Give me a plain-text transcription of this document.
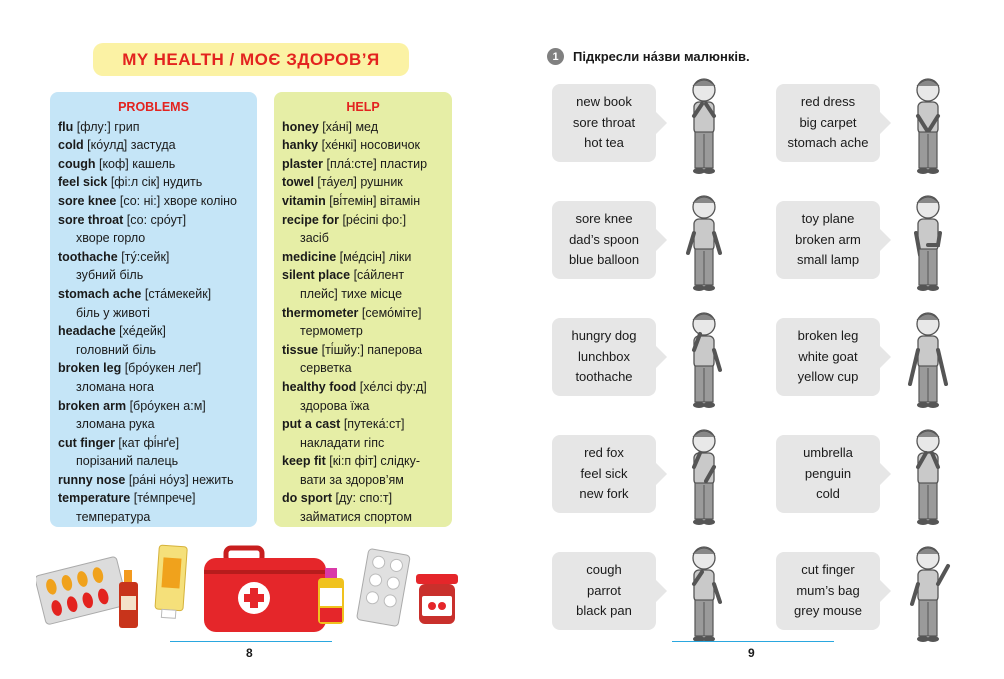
MY HEALTH / МОЄ ЗДОРОВ’Я
PROBLEMS
flu [флу:] грип
cold [ко́улд] застуда
cough [коф] кашель
feel sick [фі:л сік] нудить
sore knee [со: ні:] хворе коліно
sore throat [со: сро́ут]
хворе горло
toothache [ту́:сейк]
зубний біль
stomach ache [ста́мекейк]
біль у животі
headache [хе́дейк]
головний біль
broken leg [бро́укен леґ]
зломана нога
broken arm [бро́укен а:м]
зломана рука
cut finger [кат фі́нґе]
порізаний палець
runny nose [ра́ні но́уз] нежить
temperature [те́мпрече]
температура
HELP
honey [ха́ні] мед
hanky [хе́нкі] носовичок
plaster [пла́:сте] пластир
towel [та́уел] рушник
vitamin [ві́темін] вітамін
recipe for [ре́сіпі фо:]
засіб
medicine [ме́дсін] ліки
silent place [са́йлент
плейс] тихе місце
thermometer [семо́міте]
термометр
tissue [ті́шйу:] паперова
серветка
healthy food [хе́лсі фу:д]
здорова їжа
put a cast [путека́:ст]
накладати гіпс
keep fit [кі:п фіт] слідку-
вати за здоров’ям
do sport [ду: спо:т]
займатися спортом
8
1	Підкресли на́зви малюнків.
new book
sore throat
hot tea
red dress
big carpet
stomach ache
sore knee
dad’s spoon
blue balloon
toy plane
broken arm
small lamp
hungry dog
lunchbox
toothache
broken leg
white goat
yellow cup
red fox
feel sick
new fork
umbrella
penguin
cold
cough
parrot
black pan
cut finger
mum’s bag
grey mouse
9
